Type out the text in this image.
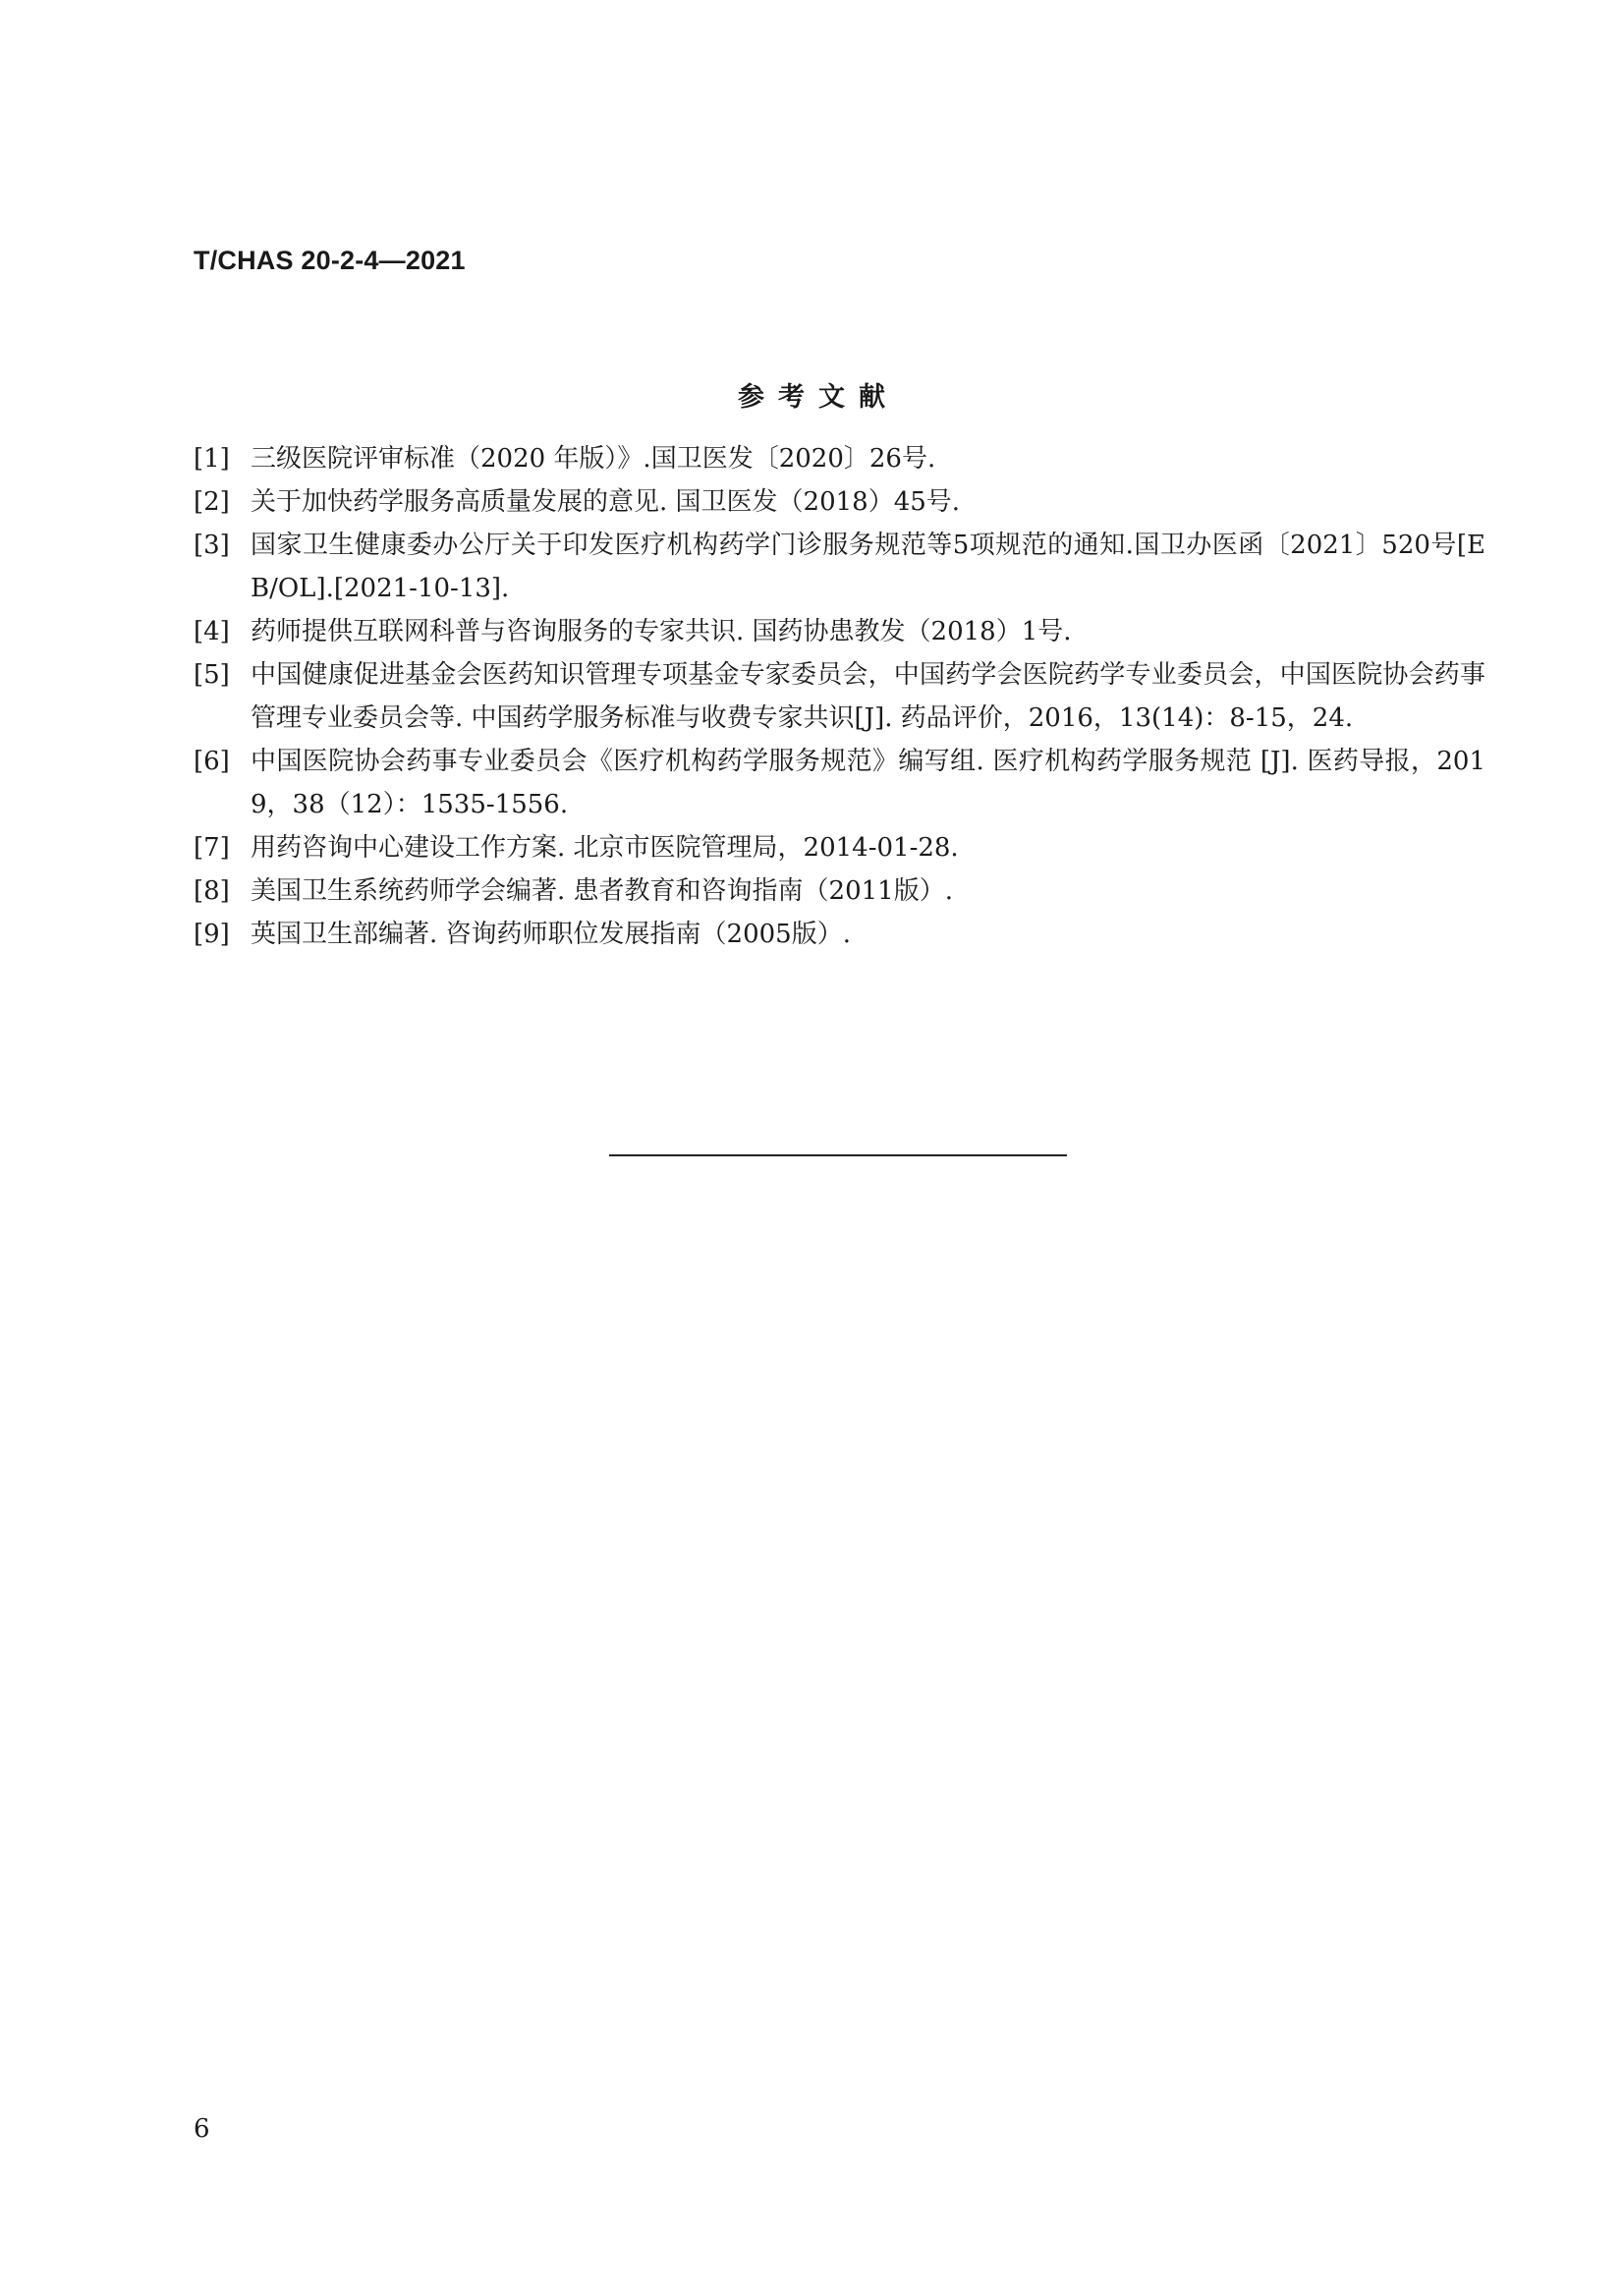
T/CHAS 20-2-4—2021
参考文献
[1] 三级医院评审标准（2020 年版）》.国卫医发〔2020〕26号.
[2] 关于加快药学服务高质量发展的意见. 国卫医发（2018）45号.
[3] 国家卫生健康委办公厅关于印发医疗机构药学门诊服务规范等5项规范的通知.国卫办医函〔2021〕520号[EB/OL].[2021-10-13].
[4] 药师提供互联网科普与咨询服务的专家共识. 国药协患教发（2018）1号.
[5] 中国健康促进基金会医药知识管理专项基金专家委员会，中国药学会医院药学专业委员会，中国医院协会药事管理专业委员会等. 中国药学服务标准与收费专家共识[J]. 药品评价，2016，13(14)：8-15，24.
[6] 中国医院协会药事专业委员会《医疗机构药学服务规范》编写组. 医疗机构药学服务规范 [J]. 医药导报，2019，38（12）：1535-1556.
[7] 用药咨询中心建设工作方案. 北京市医院管理局，2014-01-28.
[8] 美国卫生系统药师学会编著. 患者教育和咨询指南（2011版）.
[9] 英国卫生部编著. 咨询药师职位发展指南（2005版）.
6
